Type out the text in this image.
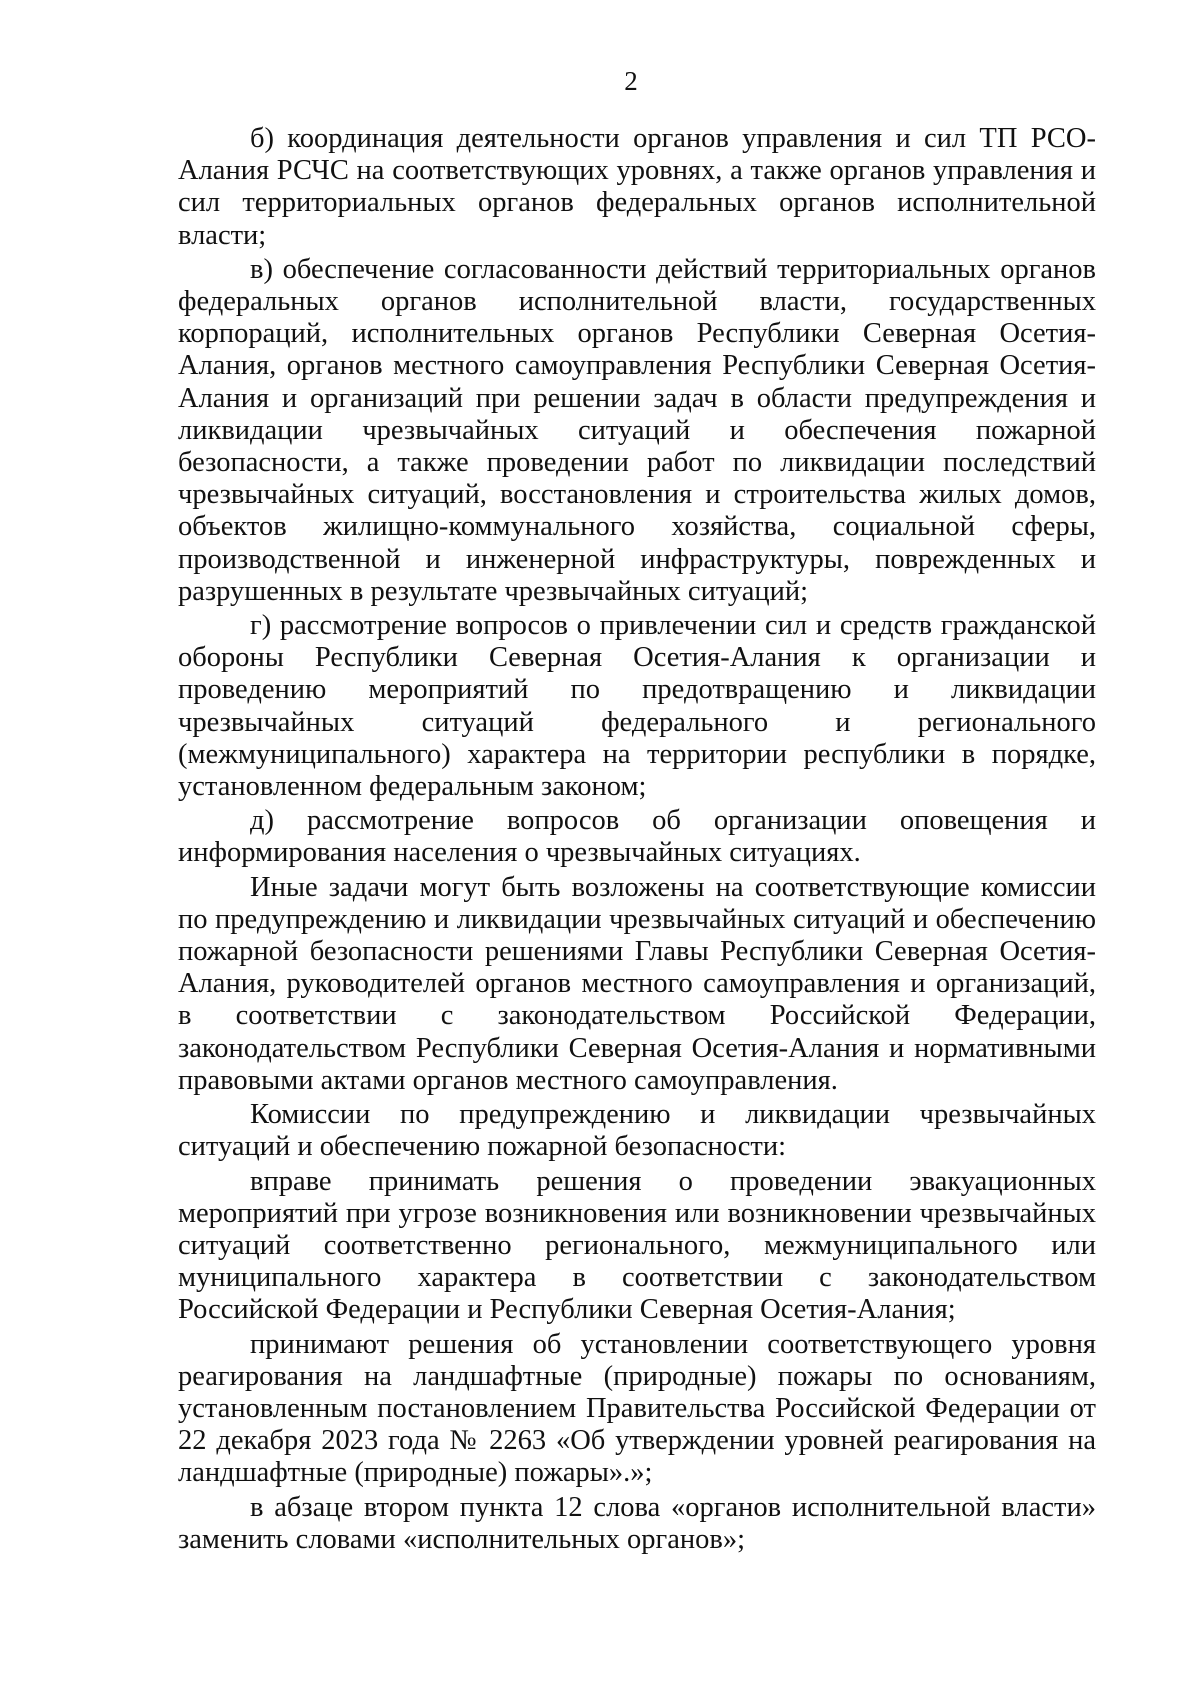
2

б) координация деятельности органов управления и сил ТП РСО-Алания РСЧС на соответствующих уровнях, а также органов управления и сил территориальных органов федеральных органов исполнительной власти;

в) обеспечение согласованности действий территориальных органов федеральных органов исполнительной власти, государственных корпораций, исполнительных органов Республики Северная Осетия-Алания, органов местного самоуправления Республики Северная Осетия-Алания и организаций при решении задач в области предупреждения и ликвидации чрезвычайных ситуаций и обеспечения пожарной безопасности, а также проведении работ по ликвидации последствий чрезвычайных ситуаций, восстановления и строительства жилых домов, объектов жилищно-коммунального хозяйства, социальной сферы, производственной и инженерной инфраструктуры, поврежденных и разрушенных в результате чрезвычайных ситуаций;

г) рассмотрение вопросов о привлечении сил и средств гражданской обороны Республики Северная Осетия-Алания к организации и проведению мероприятий по предотвращению и ликвидации чрезвычайных ситуаций федерального и регионального (межмуниципального) характера на территории республики в порядке, установленном федеральным законом;

д) рассмотрение вопросов об организации оповещения и информирования населения о чрезвычайных ситуациях.

Иные задачи могут быть возложены на соответствующие комиссии по предупреждению и ликвидации чрезвычайных ситуаций и обеспечению пожарной безопасности решениями Главы Республики Северная Осетия-Алания, руководителей органов местного самоуправления и организаций, в соответствии с законодательством Российской Федерации, законодательством Республики Северная Осетия-Алания и нормативными правовыми актами органов местного самоуправления.

Комиссии по предупреждению и ликвидации чрезвычайных ситуаций и обеспечению пожарной безопасности:

вправе принимать решения о проведении эвакуационных мероприятий при угрозе возникновения или возникновении чрезвычайных ситуаций соответственно регионального, межмуниципального или муниципального характера в соответствии с законодательством Российской Федерации и Республики Северная Осетия-Алания;

принимают решения об установлении соответствующего уровня реагирования на ландшафтные (природные) пожары по основаниям, установленным постановлением Правительства Российской Федерации от 22 декабря 2023 года № 2263 «Об утверждении уровней реагирования на ландшафтные (природные) пожары».»;

в абзаце втором пункта 12 слова «органов исполнительной власти» заменить словами «исполнительных органов»;
